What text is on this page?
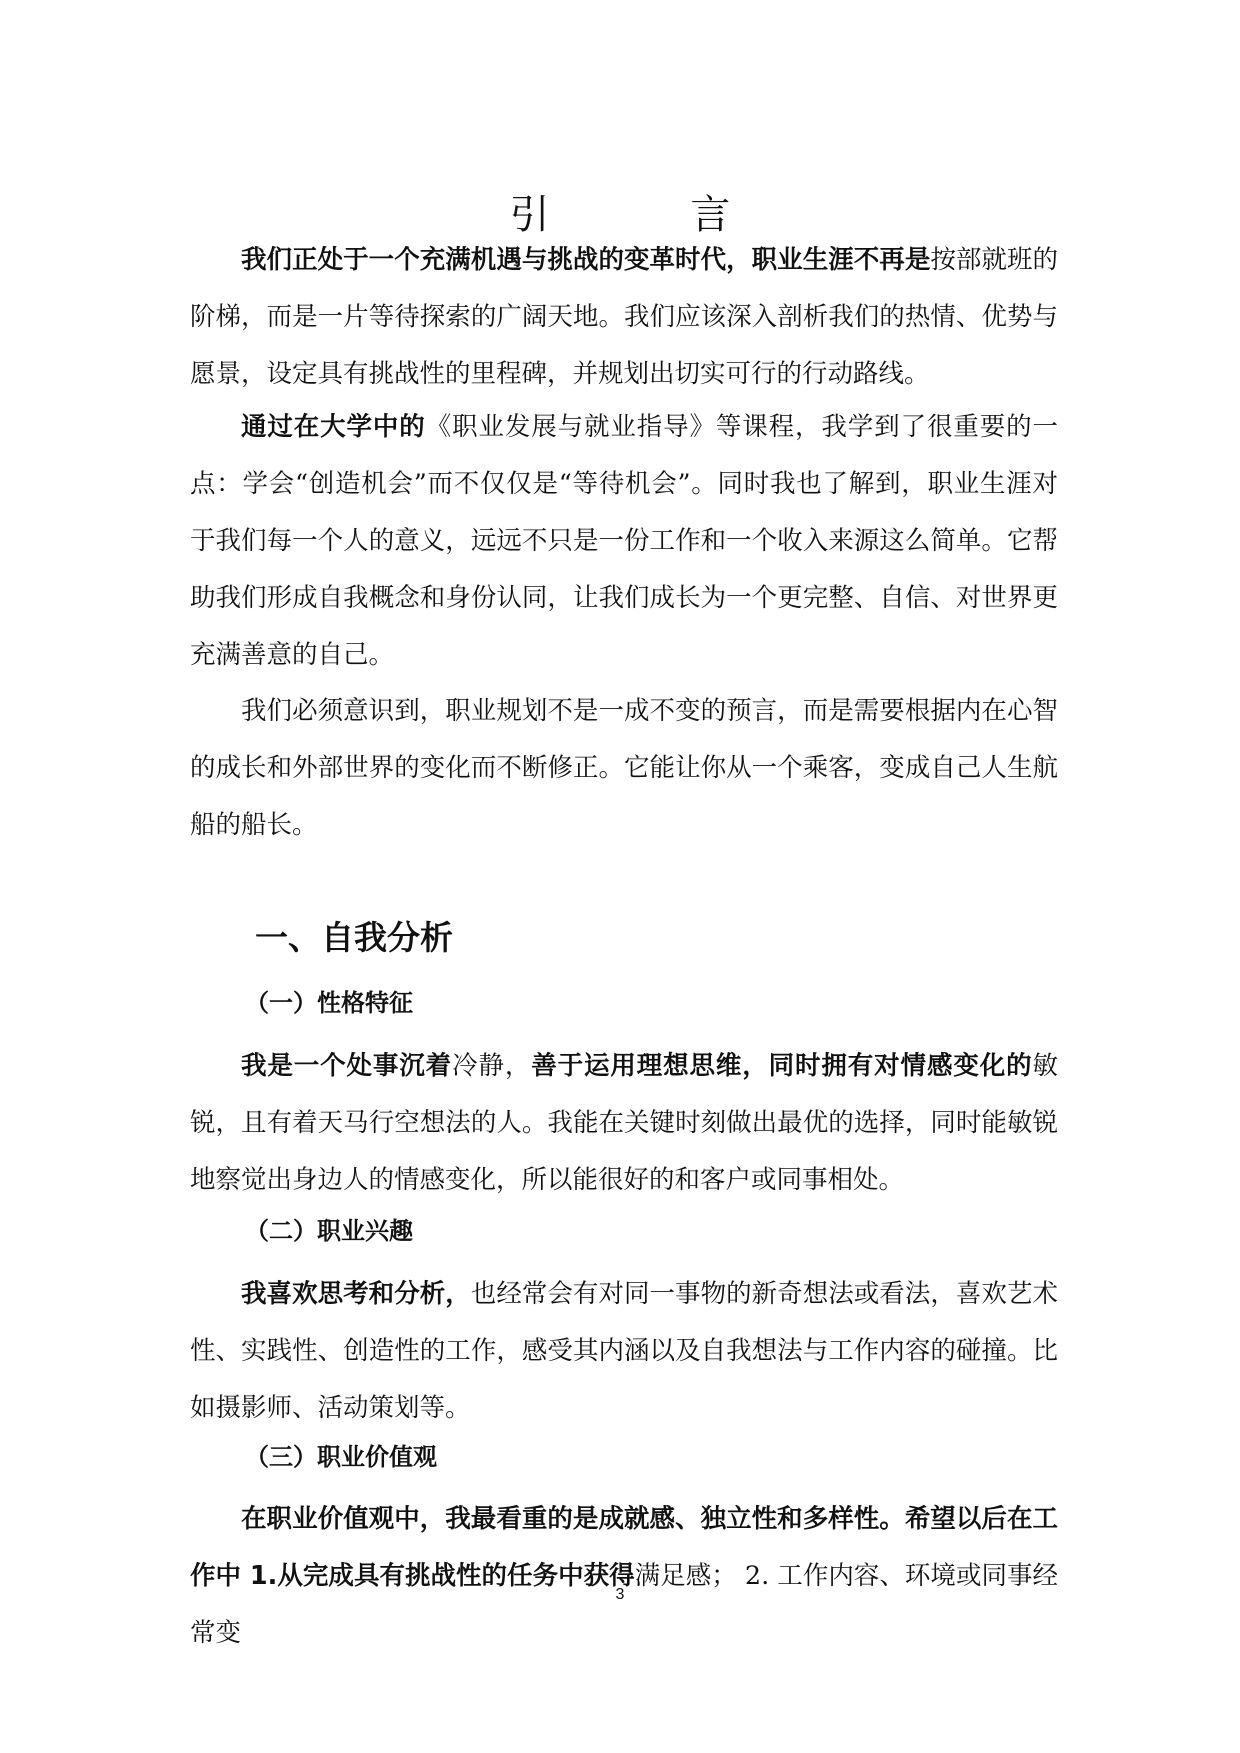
引 言

我们正处于一个充满机遇与挑战的变革时代，职业生涯不再是按部就班的阶梯，而是一片等待探索的广阔天地。我们应该深入剖析我们的热情、优势与愿景，设定具有挑战性的里程碑，并规划出切实可行的行动路线。

通过在大学中的《职业发展与就业指导》等课程，我学到了很重要的一点：学会“创造机会”而不仅仅是“等待机会”。同时我也了解到，职业生涯对于我们每一个人的意义，远远不只是一份工作和一个收入来源这么简单。它帮助我们形成自我概念和身份认同，让我们成长为一个更完整、自信、对世界更充满善意的自己。

我们必须意识到，职业规划不是一成不变的预言，而是需要根据内在心智的成长和外部世界的变化而不断修正。它能让你从一个乘客，变成自己人生航船的船长。

一、自我分析
（一）性格特征

我是一个处事沉着冷静，善于运用理想思维，同时拥有对情感变化的敏锐，且有着天马行空想法的人。我能在关键时刻做出最优的选择，同时能敏锐地察觉出身边人的情感变化，所以能很好的和客户或同事相处。

（二）职业兴趣

我喜欢思考和分析，也经常会有对同一事物的新奇想法或看法，喜欢艺术性、实践性、创造性的工作，感受其内涵以及自我想法与工作内容的碰撞。比如摄影师、活动策划等。

（三）职业价值观

在职业价值观中，我最看重的是成就感、独立性和多样性。希望以后在工作中 1.从完成具有挑战性的任务中获得满足感； 2. 工作内容、环境或同事经常变

3
